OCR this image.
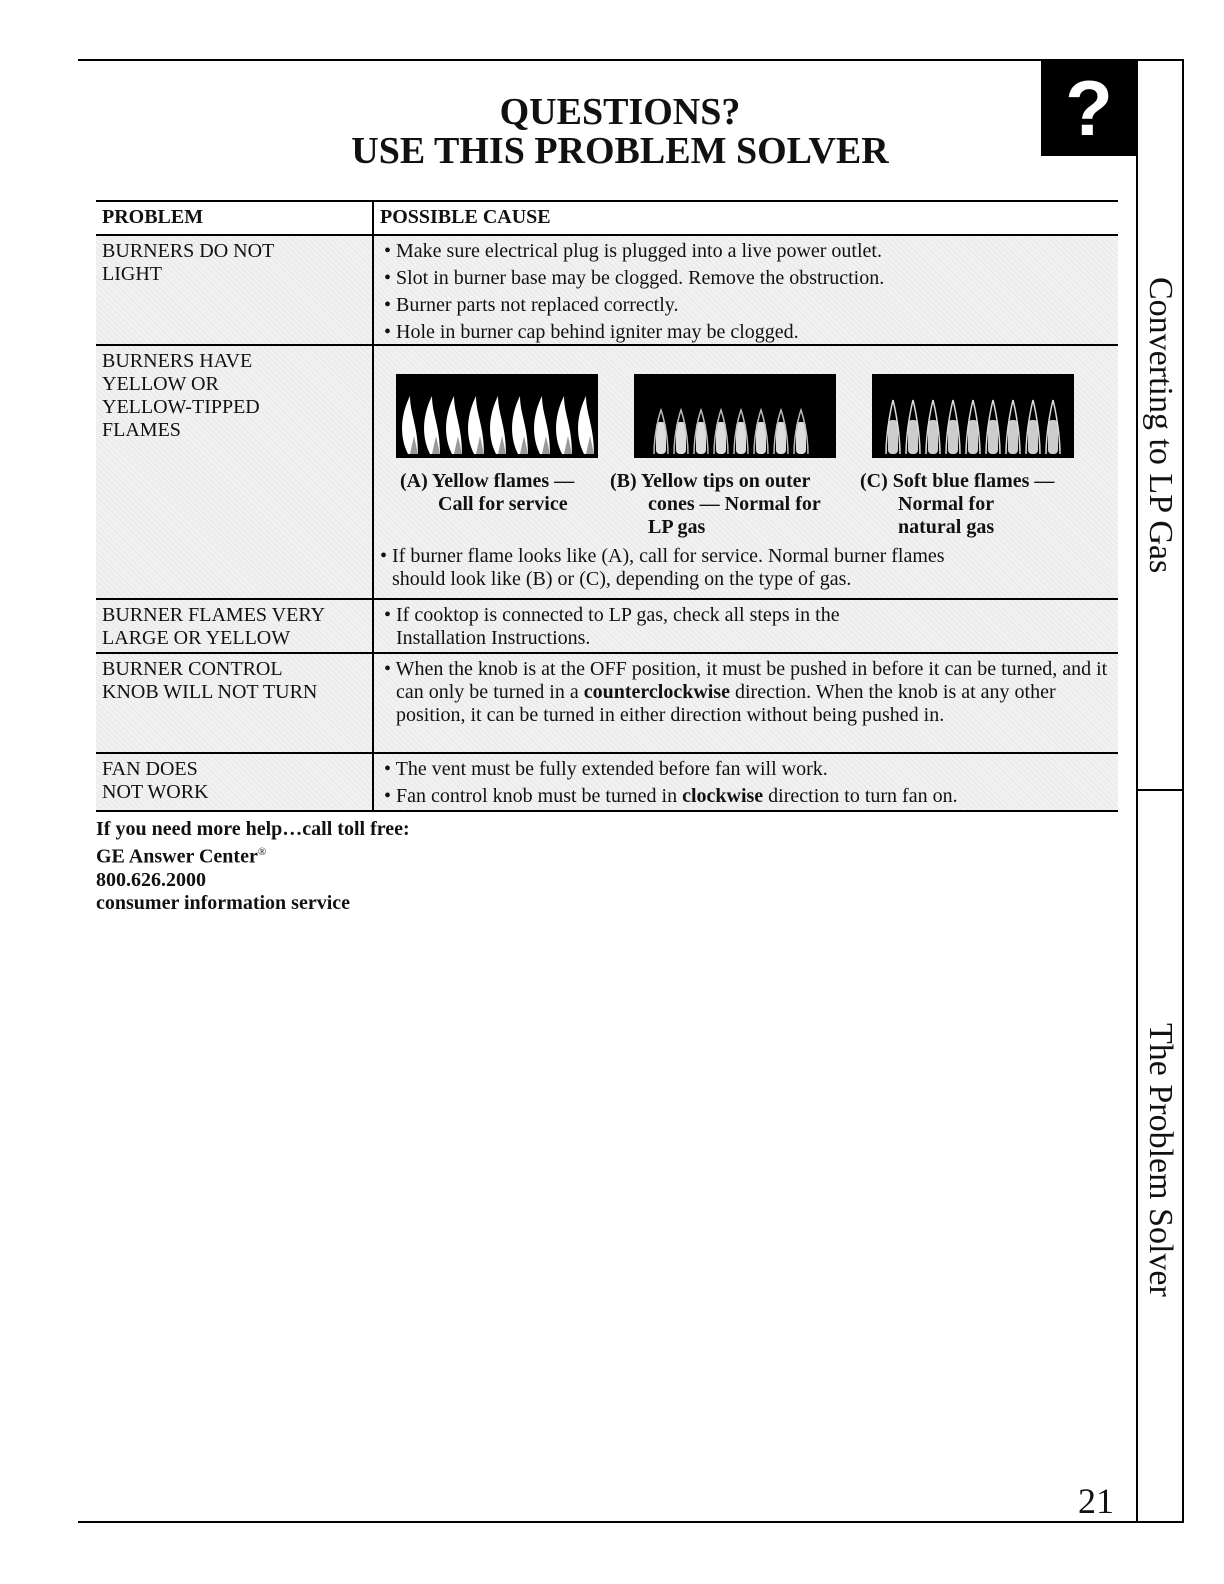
QUESTIONS?
USE THIS PROBLEM SOLVER	?
Converting to LP Gas
The Problem Solver
PROBLEM	POSSIBLE CAUSE
BURNERS DO NOT
LIGHT
• Make sure electrical plug is plugged into a live power outlet.
• Slot in burner base may be clogged. Remove the obstruction.
• Burner parts not replaced correctly.
• Hole in burner cap behind igniter may be clogged.
BURNERS HAVE
YELLOW OR
YELLOW-TIPPED
FLAMES
(A) Yellow flames —
Call for service
(B) Yellow tips on outer
cones — Normal for
LP gas
(C) Soft blue flames —
Normal for
natural gas
• If burner flame looks like (A), call for service. Normal burner flames should look like (B) or (C), depending on the type of gas.
BURNER FLAMES VERY
LARGE OR YELLOW
• If cooktop is connected to LP gas, check all steps in the Installation Instructions.
BURNER CONTROL
KNOB WILL NOT TURN
• When the knob is at the OFF position, it must be pushed in before it can be turned, and it can only be turned in a counterclockwise direction. When the knob is at any other position, it can be turned in either direction without being pushed in.
FAN DOES
NOT WORK
• The vent must be fully extended before fan will work.
• Fan control knob must be turned in clockwise direction to turn fan on.
If you need more help…call toll free:
GE Answer Center®
800.626.2000
consumer information service
21
